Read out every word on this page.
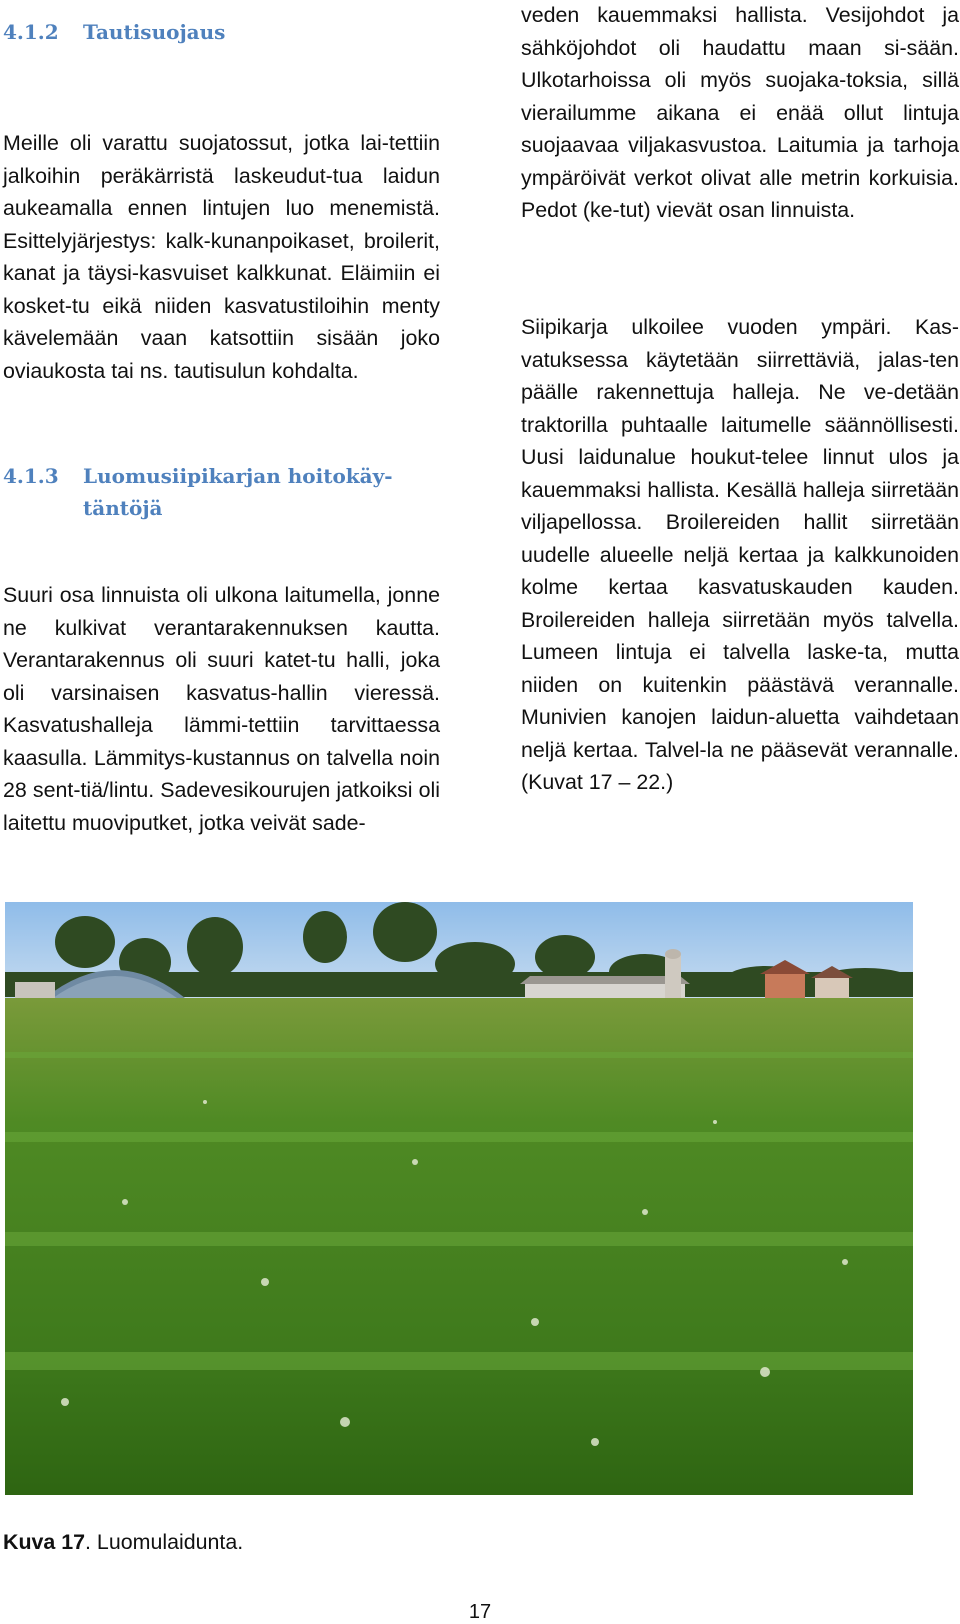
4.1.2	Tautisuojaus

Meille oli varattu suojatossut, jotka lai-tettiin jalkoihin peräkärristä laskeudut-tua laidun aukeamalla ennen lintujen luo menemistä. Esittelyjärjestys: kalk-kunanpoikaset, broilerit, kanat ja täysi-kasvuiset kalkkunat. Eläimiin ei kosket-tu eikä niiden kasvatustiloihin menty kävelemään vaan katsottiin sisään joko oviaukosta tai ns. tautisulun kohdalta.

4.1.3	Luomusiipikarjan hoitokäy-
täntöjä

Suuri osa linnuista oli ulkona laitumella, jonne ne kulkivat verantarakennuksen kautta. Verantarakennus oli suuri katet-tu halli, joka oli varsinaisen kasvatus-hallin vieressä. Kasvatushalleja lämmi-tettiin tarvittaessa kaasulla. Lämmitys-kustannus on talvella noin 28 sent-tiä/lintu. Sadevesikourujen jatkoiksi oli laitettu muoviputket, jotka veivät sade-

veden kauemmaksi hallista. Vesijohdot ja sähköjohdot oli haudattu maan si-sään. Ulkotarhoissa oli myös suojaka-toksia, sillä vierailumme aikana ei enää ollut lintuja suojaavaa viljakasvustoa. Laitumia ja tarhoja ympäröivät verkot olivat alle metrin korkuisia. Pedot (ke-tut) vievät osan linnuista.

Siipikarja ulkoilee vuoden ympäri. Kas-vatuksessa käytetään siirrettäviä, jalas-ten päälle rakennettuja halleja. Ne ve-detään traktorilla puhtaalle laitumelle säännöllisesti. Uusi laidunalue houkut-telee linnut ulos ja kauemmaksi hallista. Kesällä halleja siirretään viljapellossa. Broilereiden hallit siirretään uudelle alueelle neljä kertaa ja kalkkunoiden kolme kertaa kasvatuskauden kauden. Broilereiden halleja siirretään myös talvella. Lumeen lintuja ei talvella laske-ta, mutta niiden on kuitenkin päästävä verannalle. Munivien kanojen laidun-aluetta vaihdetaan neljä kertaa. Talvel-la ne pääsevät verannalle.(Kuvat 17 – 22.)

Kuva 17. Luomulaidunta.
17
